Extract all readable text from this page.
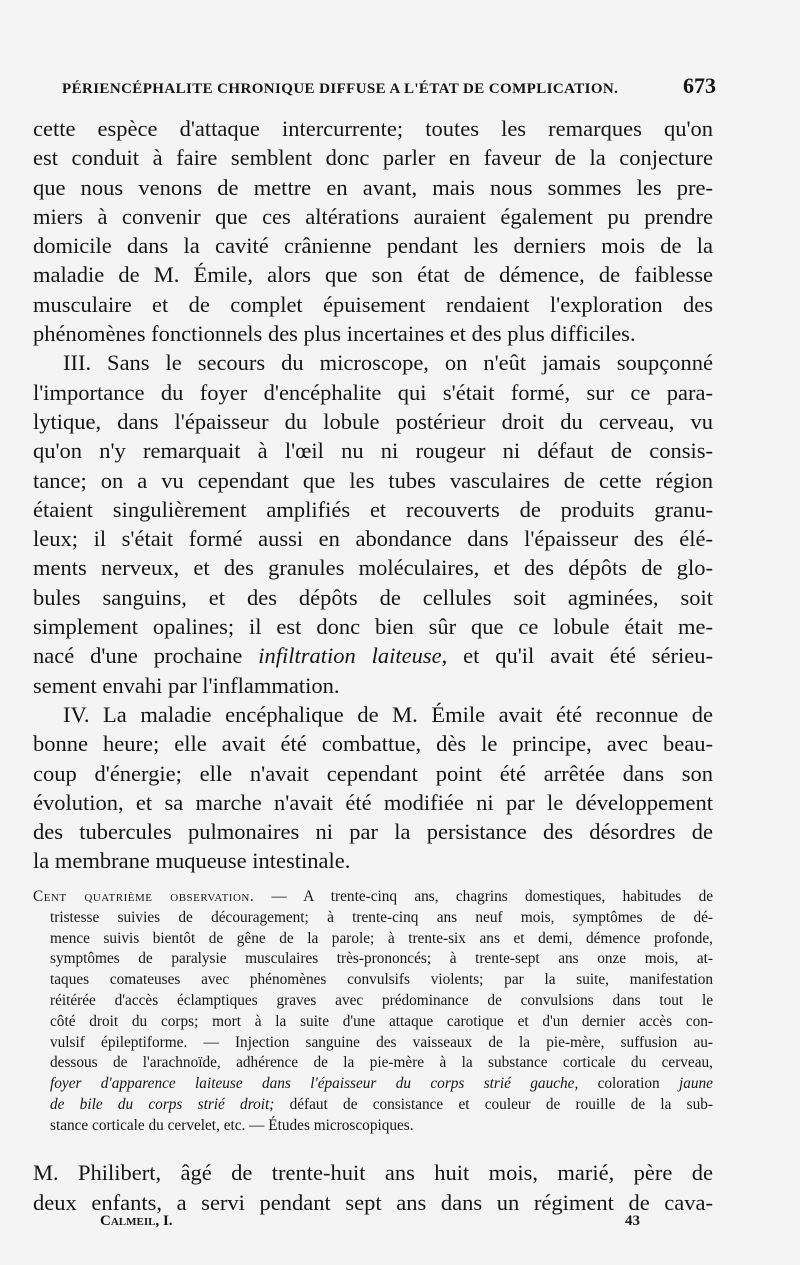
PÉRIENCÉPHALITE CHRONIQUE DIFFUSE A L'ÉTAT DE COMPLICATION.	673
cette espèce d'attaque intercurrente; toutes les remarques qu'on
est conduit à faire semblent donc parler en faveur de la conjecture
que nous venons de mettre en avant, mais nous sommes les pre-
miers à convenir que ces altérations auraient également pu prendre
domicile dans la cavité crânienne pendant les derniers mois de la
maladie de M. Émile, alors que son état de démence, de faiblesse
musculaire et de complet épuisement rendaient l'exploration des
phénomènes fonctionnels des plus incertaines et des plus difficiles.
III. Sans le secours du microscope, on n'eût jamais soupçonné
l'importance du foyer d'encéphalite qui s'était formé, sur ce para-
lytique, dans l'épaisseur du lobule postérieur droit du cerveau, vu
qu'on n'y remarquait à l'œil nu ni rougeur ni défaut de consis-
tance; on a vu cependant que les tubes vasculaires de cette région
étaient singulièrement amplifiés et recouverts de produits granu-
leux; il s'était formé aussi en abondance dans l'épaisseur des élé-
ments nerveux, et des granules moléculaires, et des dépôts de glo-
bules sanguins, et des dépôts de cellules soit agminées, soit
simplement opalines; il est donc bien sûr que ce lobule était me-
nacé d'une prochaine infiltration laiteuse, et qu'il avait été sérieu-
sement envahi par l'inflammation.
IV. La maladie encéphalique de M. Émile avait été reconnue de
bonne heure; elle avait été combattue, dès le principe, avec beau-
coup d'énergie; elle n'avait cependant point été arrêtée dans son
évolution, et sa marche n'avait été modifiée ni par le développement
des tubercules pulmonaires ni par la persistance des désordres de
la membrane muqueuse intestinale.
Cent quatrième observation. — A trente-cinq ans, chagrins domestiques, habitudes de
tristesse suivies de découragement; à trente-cinq ans neuf mois, symptômes de dé-
mence suivis bientôt de gêne de la parole; à trente-six ans et demi, démence profonde,
symptômes de paralysie musculaires très-prononcés; à trente-sept ans onze mois, at-
taques comateuses avec phénomènes convulsifs violents; par la suite, manifestation
réitérée d'accès éclamptiques graves avec prédominance de convulsions dans tout le
côté droit du corps; mort à la suite d'une attaque carotique et d'un dernier accès con-
vulsif épileptiforme. — Injection sanguine des vaisseaux de la pie-mère, suffusion au-
dessous de l'arachnoïde, adhérence de la pie-mère à la substance corticale du cerveau,
foyer d'apparence laiteuse dans l'épaisseur du corps strié gauche, coloration jaune
de bile du corps strié droit; défaut de consistance et couleur de rouille de la sub-
stance corticale du cervelet, etc. — Études microscopiques.
M. Philibert, âgé de trente-huit ans huit mois, marié, père de
deux enfants, a servi pendant sept ans dans un régiment de cava-
Calmeil, I.	43
